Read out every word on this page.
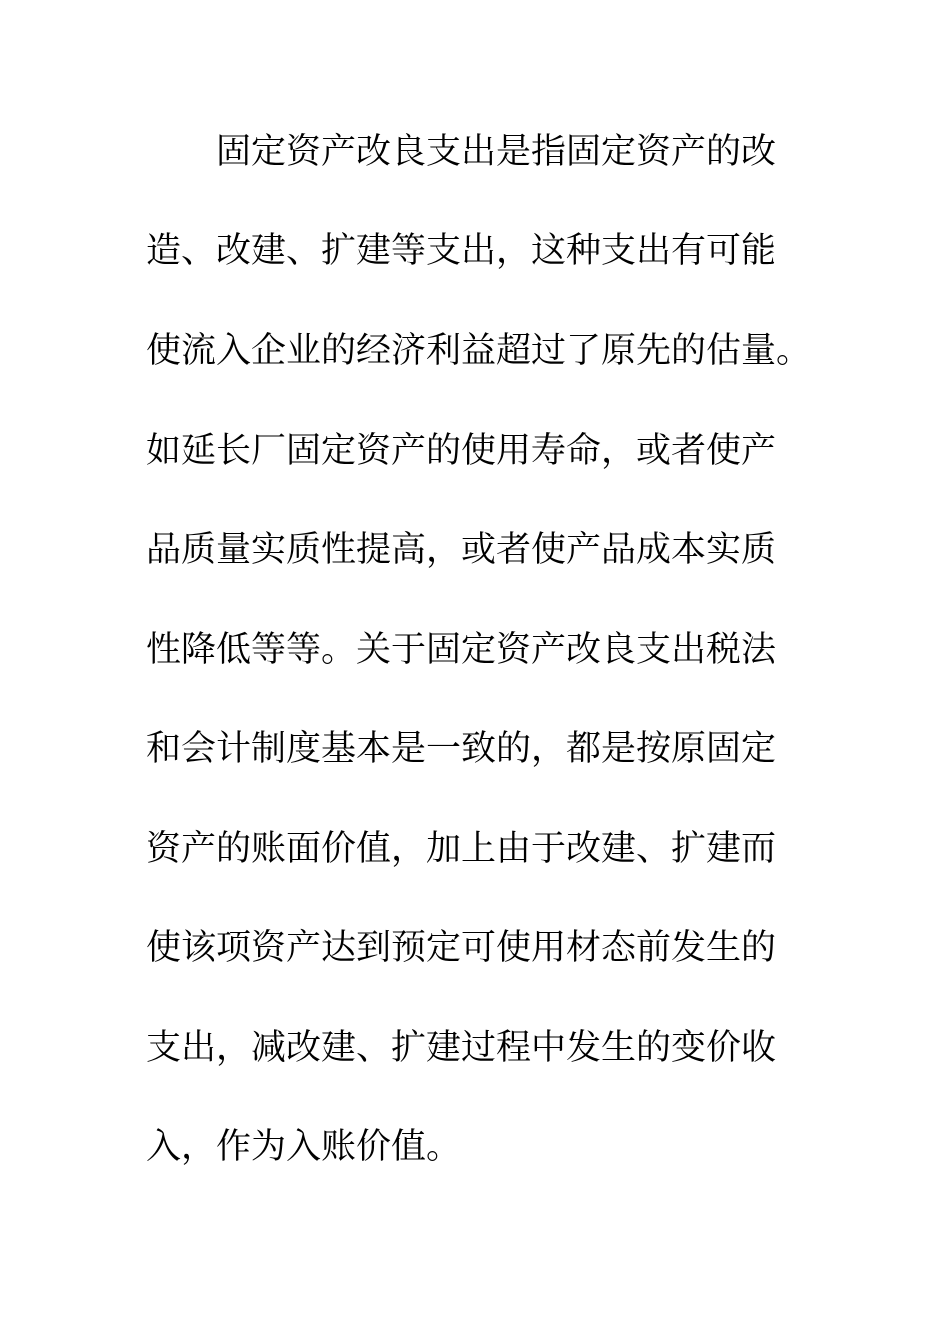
固定资产改良支出是指固定资产的改
造、改建、扩建等支出，这种支出有可能
使流入企业的经济利益超过了原先的估量。
如延长厂固定资产的使用寿命，或者使产
品质量实质性提高，或者使产品成本实质
性降低等等。关于固定资产改良支出税法
和会计制度基本是一致的，都是按原固定
资产的账面价值，加上由于改建、扩建而
使该项资产达到预定可使用材态前发生的
支出，减改建、扩建过程中发生的变价收
入，作为入账价值。
